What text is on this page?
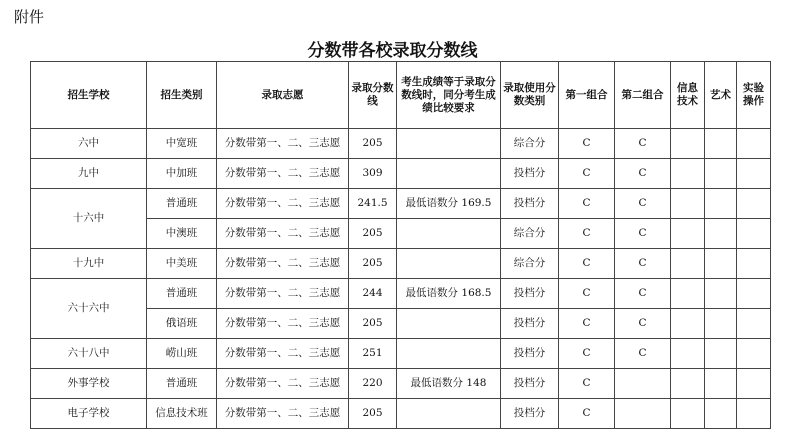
附件
分数带各校录取分数线
招生学校	招生类别	录取志愿	录取分数线	考生成绩等于录取分数线时，同分考生成绩比较要求	录取使用分数类别	第一组合	第二组合	信息技术	艺术	实验操作
六中	中宽班	分数带第一、二、三志愿	205		综合分	C	C			
九中	中加班	分数带第一、二、三志愿	309		投档分	C	C			
十六中	普通班	分数带第一、二、三志愿	241.5	最低语数分 169.5	投档分	C	C			
	中澳班	分数带第一、二、三志愿	205		综合分	C	C			
十九中	中美班	分数带第一、二、三志愿	205		综合分	C	C			
六十六中	普通班	分数带第一、二、三志愿	244	最低语数分 168.5	投档分	C	C			
	俄语班	分数带第一、二、三志愿	205		投档分	C	C			
六十八中	崂山班	分数带第一、二、三志愿	251		投档分	C	C			
外事学校	普通班	分数带第一、二、三志愿	220	最低语数分 148	投档分	C				
电子学校	信息技术班	分数带第一、二、三志愿	205		投档分	C				
